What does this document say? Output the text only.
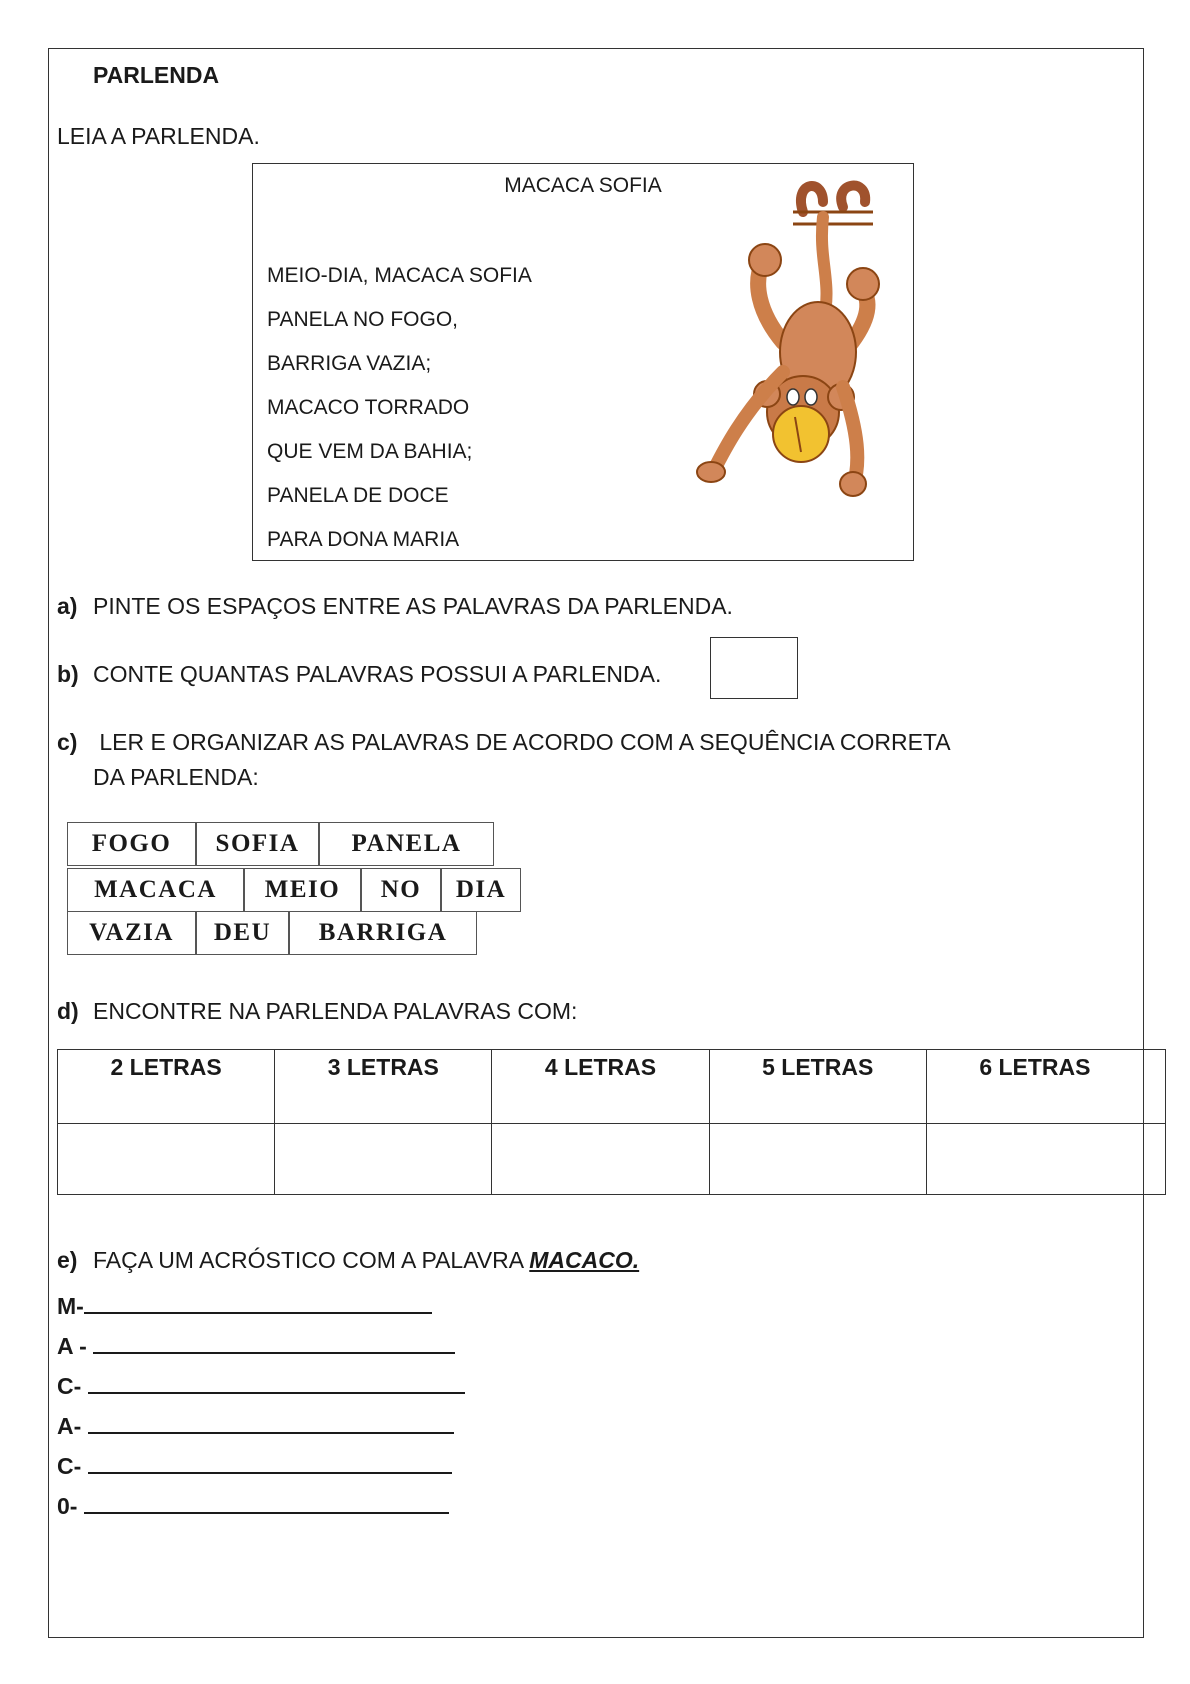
PARLENDA
LEIA A PARLENDA.
MACACA SOFIA
MEIO-DIA, MACACA SOFIA
PANELA NO FOGO,
BARRIGA VAZIA;
MACACO TORRADO
QUE VEM DA BAHIA;
PANELA DE DOCE
PARA DONA MARIA
a) PINTE OS ESPAÇOS ENTRE AS PALAVRAS DA PARLENDA.
b) CONTE QUANTAS PALAVRAS POSSUI A PARLENDA.
c) LER E ORGANIZAR AS PALAVRAS DE ACORDO COM A SEQUÊNCIA CORRETA
DA PARLENDA:
FOGO	SOFIA	PANELA
MACACA	MEIO	NO	DIA
VAZIA	DEU	BARRIGA
d) ENCONTRE NA PARLENDA PALAVRAS COM:
2 LETRAS	3 LETRAS	4 LETRAS	5 LETRAS	6 LETRAS	

e) FAÇA UM ACRÓSTICO COM A PALAVRA MACACO.
M-
A -
C-
A-
C-
0-
